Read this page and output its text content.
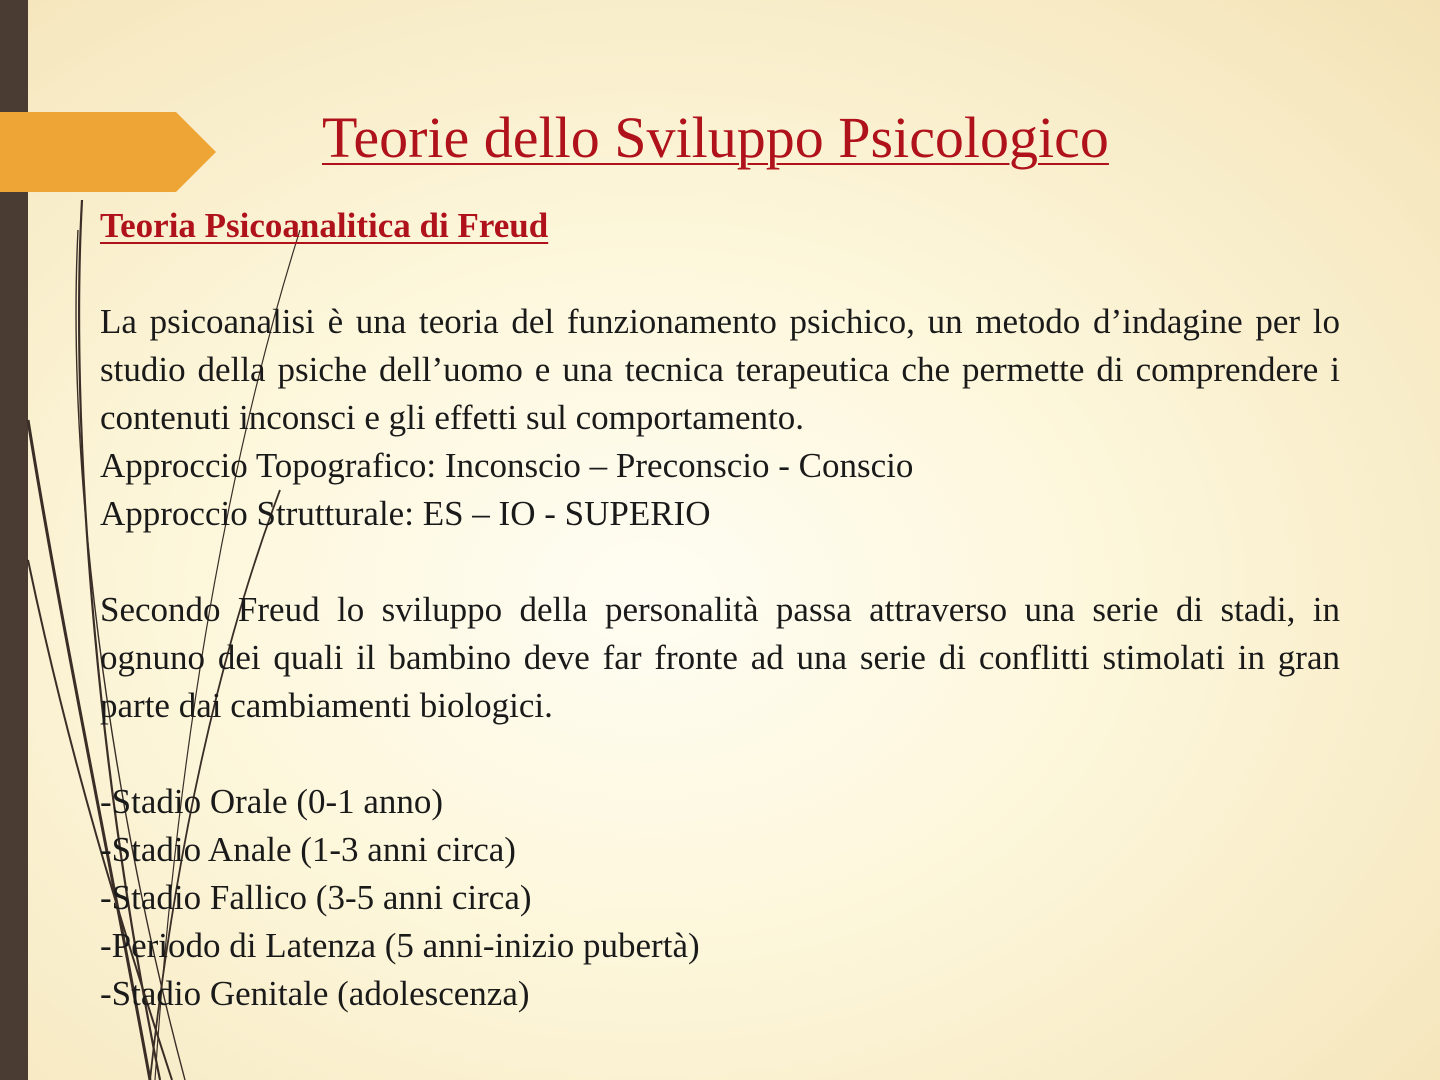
Teorie dello Sviluppo Psicologico

Teoria Psicoanalitica di Freud

La psicoanalisi è una teoria del funzionamento psichico, un metodo d’indagine per lo studio della psiche dell’uomo e una tecnica terapeutica che permette di comprendere i contenuti inconsci e gli effetti sul comportamento.

Approccio Topografico: Inconscio – Preconscio - Conscio

Approccio Strutturale: ES – IO - SUPERIO

Secondo Freud lo sviluppo della personalità passa attraverso una serie di stadi, in ognuno dei quali il bambino deve far fronte ad una serie di conflitti stimolati in gran parte dai cambiamenti biologici.

-Stadio Orale (0-1 anno)

-Stadio Anale (1-3 anni circa)

-Stadio Fallico (3-5 anni circa)

-Periodo di Latenza (5 anni-inizio pubertà)

-Stadio Genitale (adolescenza)
